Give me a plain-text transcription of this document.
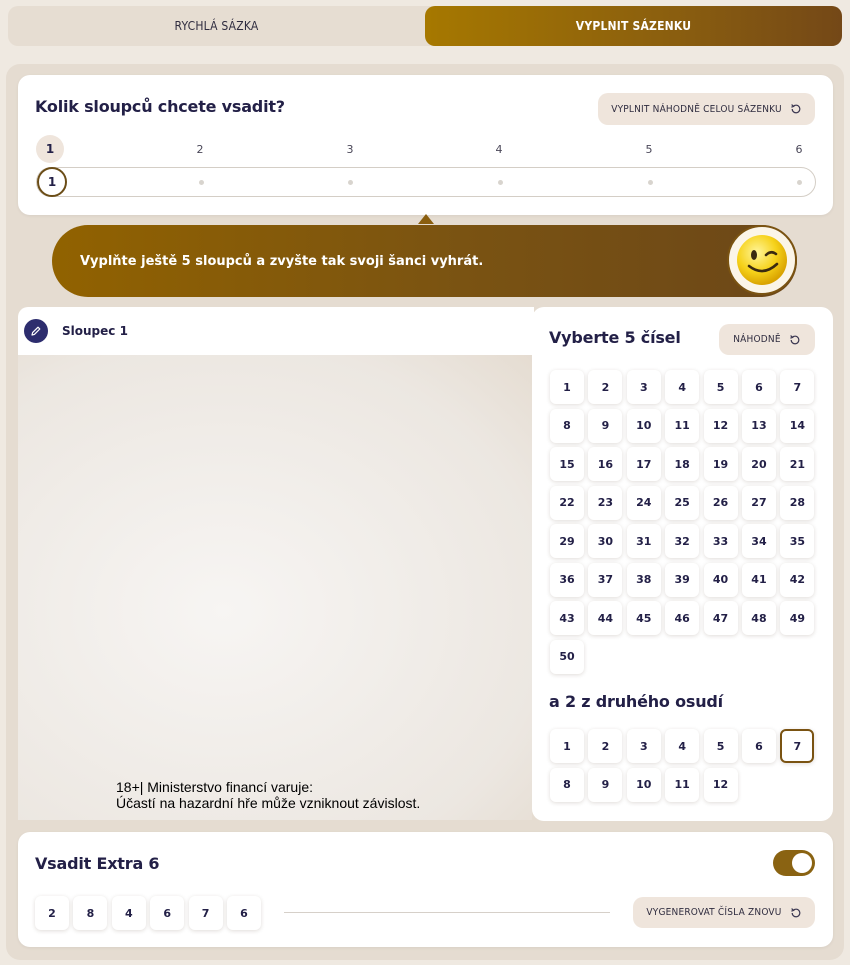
RYCHLÁ SÁZKA	VYPLNIT SÁZENKU
Kolik sloupců chcete vsadit?	VYPLNIT NÁHODNĚ CELOU SÁZENKU
1	2	3	4	5	6
1
Vyplňte ještě 5 sloupců a zvyšte tak svoji šanci vyhrát.
Sloupec 1
18+| Ministerstvo financí varuje:
Účastí na hazardní hře může vzniknout závislost.
Vyberte 5 čísel	NÁHODNĚ
1	2	3	4	5	6	7
8	9	10	11	12	13	14
15	16	17	18	19	20	21
22	23	24	25	26	27	28
29	30	31	32	33	34	35
36	37	38	39	40	41	42
43	44	45	46	47	48	49
50
a 2 z druhého osudí
1	2	3	4	5	6	7
8	9	10	11	12
Vsadit Extra 6
2	8	4	6	7	6	VYGENEROVAT ČÍSLA ZNOVU
